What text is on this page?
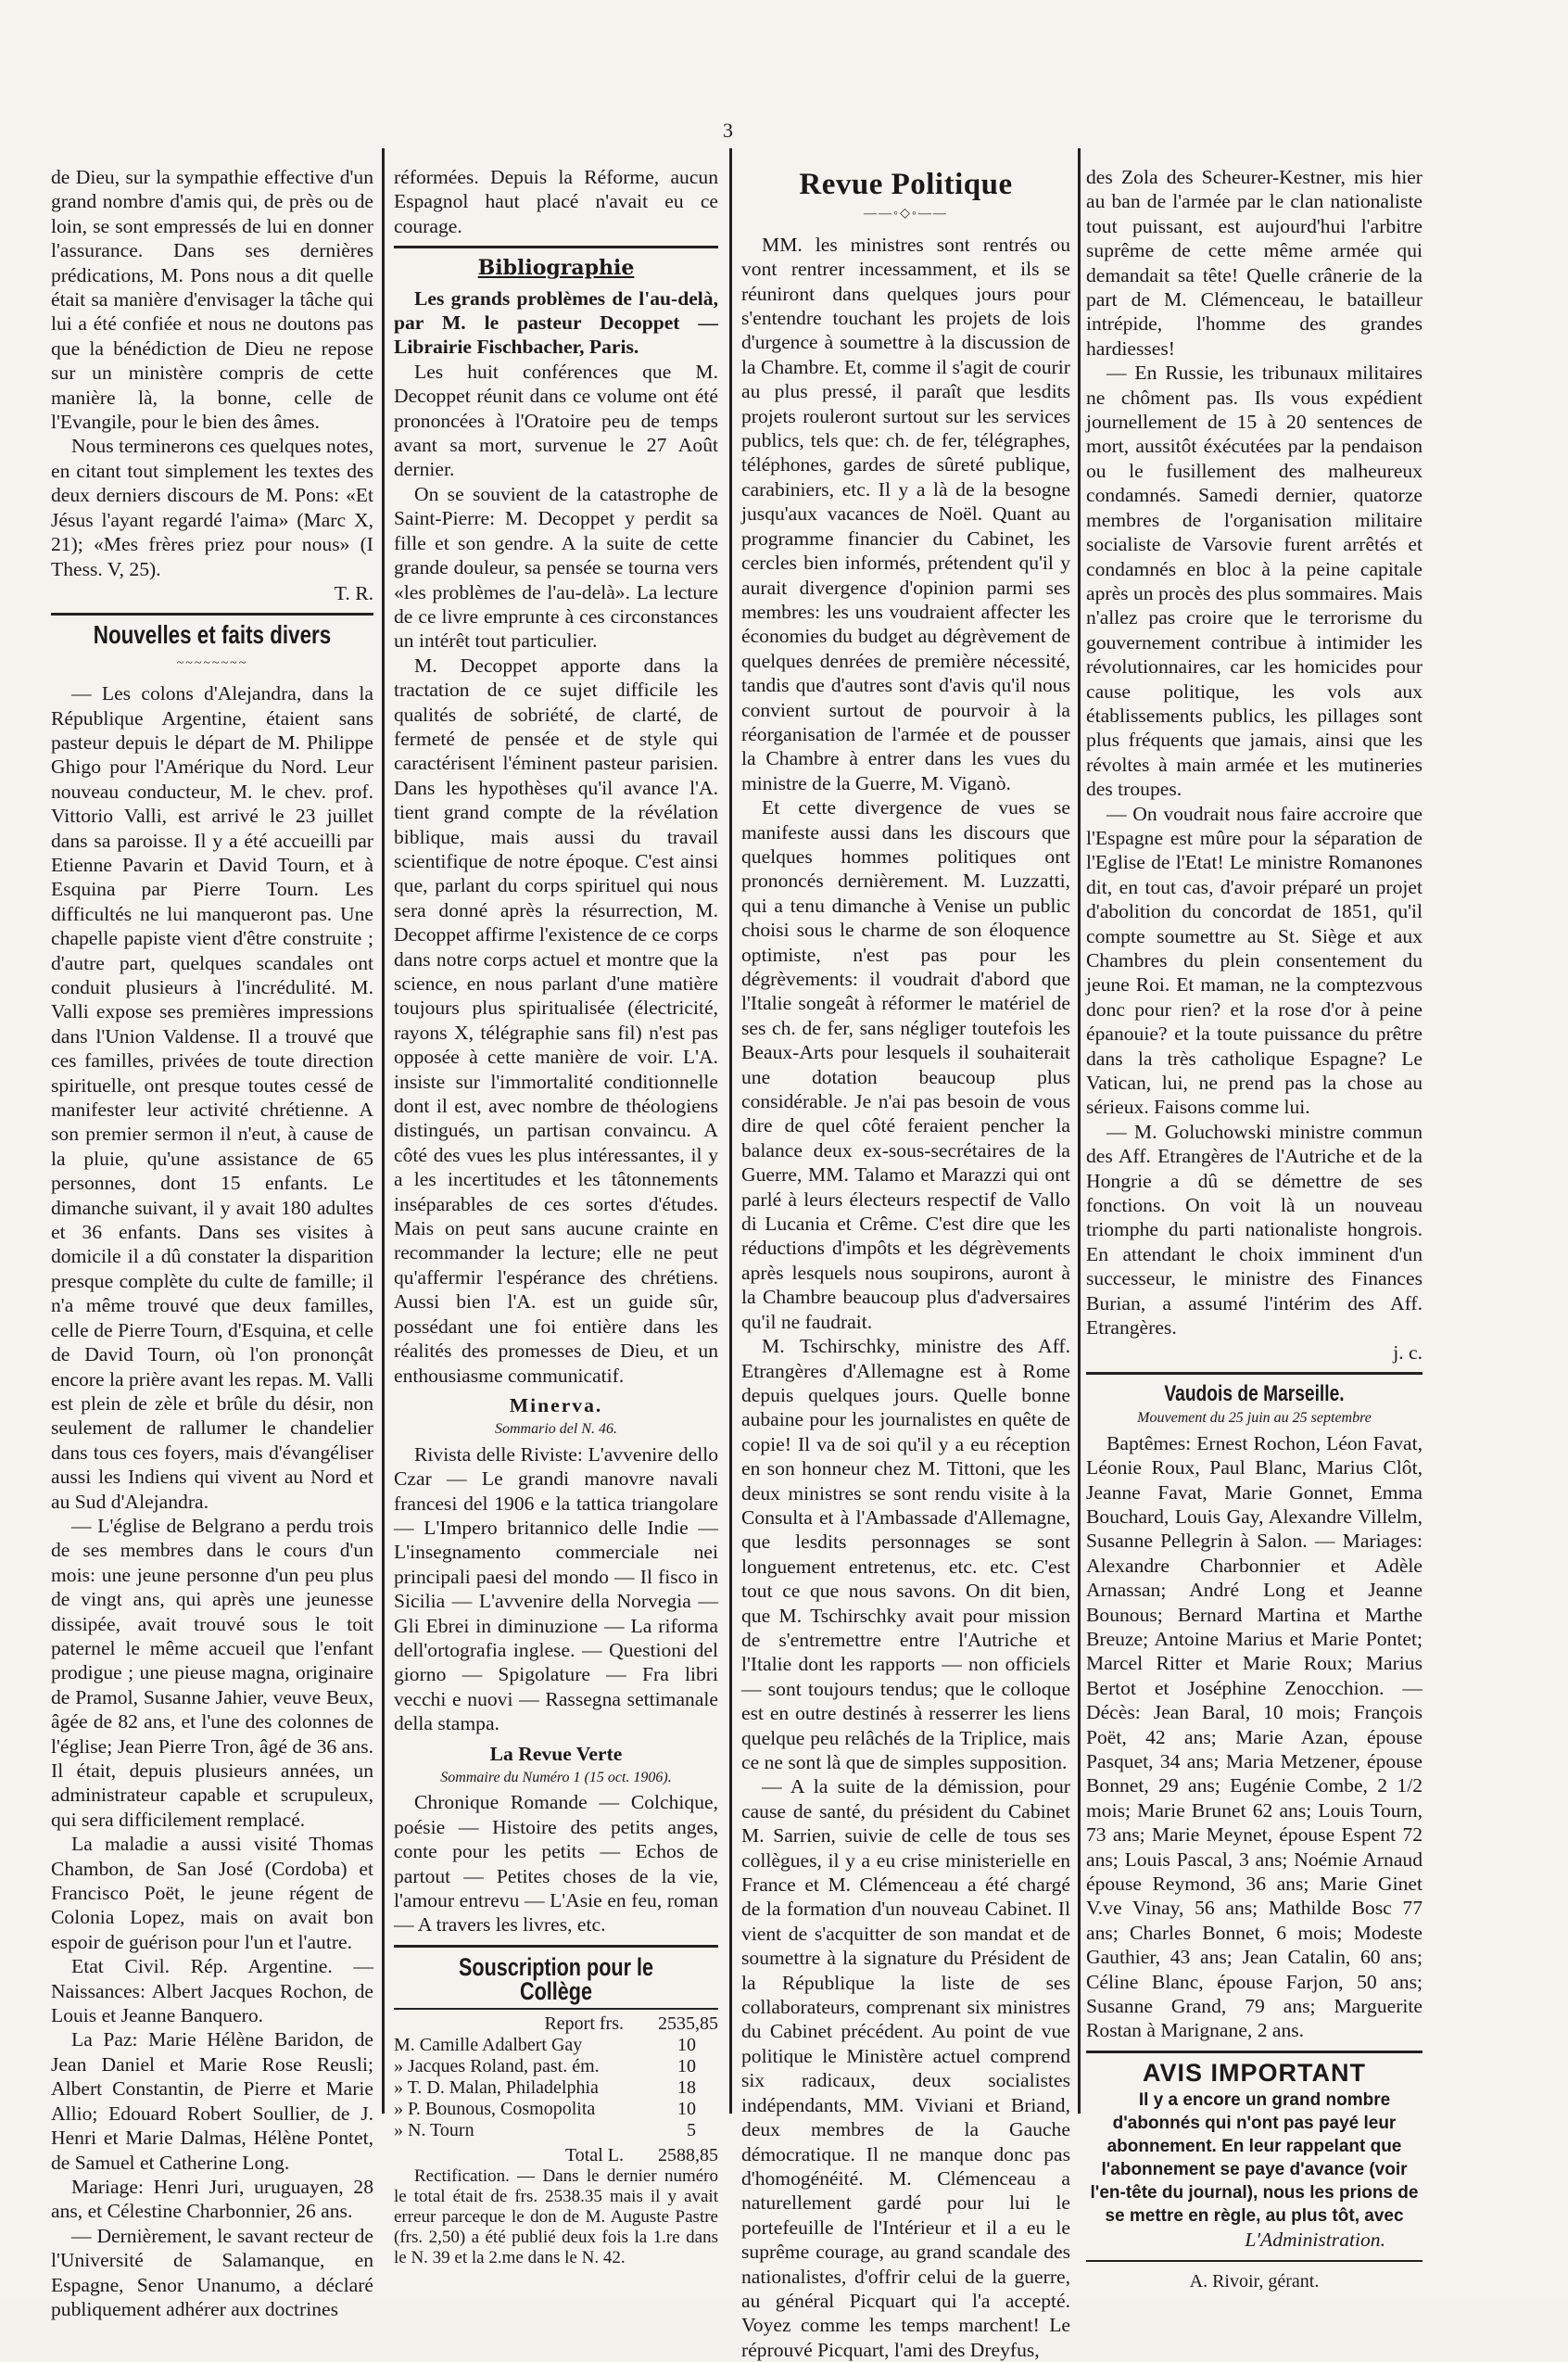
3

de Dieu, sur la sympathie effective d'un grand nombre d'amis qui, de près ou de loin, se sont empressés de lui en donner l'assurance. Dans ses dernières prédications, M. Pons nous a dit quelle était sa manière d'envisager la tâche qui lui a été confiée et nous ne doutons pas que la bénédiction de Dieu ne repose sur un ministère compris de cette manière là, la bonne, celle de l'Evangile, pour le bien des âmes.

Nous terminerons ces quelques notes, en citant tout simplement les textes des deux derniers discours de M. Pons: «Et Jésus l'ayant regardé l'aima» (Marc X, 21); «Mes frères priez pour nous» (I Thess. V, 25).

T. R.

Nouvelles et faits divers
~~~~~~~~

— Les colons d'Alejandra, dans la République Argentine, étaient sans pasteur depuis le départ de M. Philippe Ghigo pour l'Amérique du Nord. Leur nouveau conducteur, M. le chev. prof. Vittorio Valli, est arrivé le 23 juillet dans sa paroisse. Il y a été accueilli par Etienne Pavarin et David Tourn, et à Esquina par Pierre Tourn. Les difficultés ne lui manqueront pas. Une chapelle papiste vient d'être construite ; d'autre part, quelques scandales ont conduit plusieurs à l'incrédulité. M. Valli expose ses premières impressions dans l'Union Valdense. Il a trouvé que ces familles, privées de toute direction spirituelle, ont presque toutes cessé de manifester leur activité chrétienne. A son premier sermon il n'eut, à cause de la pluie, qu'une assistance de 65 personnes, dont 15 enfants. Le dimanche suivant, il y avait 180 adultes et 36 enfants. Dans ses visites à domicile il a dû constater la disparition presque complète du culte de famille; il n'a même trouvé que deux familles, celle de Pierre Tourn, d'Esquina, et celle de David Tourn, où l'on prononçât encore la prière avant les repas. M. Valli est plein de zèle et brûle du désir, non seulement de rallumer le chandelier dans tous ces foyers, mais d'évangéliser aussi les Indiens qui vivent au Nord et au Sud d'Alejandra.

— L'église de Belgrano a perdu trois de ses membres dans le cours d'un mois: une jeune personne d'un peu plus de vingt ans, qui après une jeunesse dissipée, avait trouvé sous le toit paternel le même accueil que l'enfant prodigue ; une pieuse magna, originaire de Pramol, Susanne Jahier, veuve Beux, âgée de 82 ans, et l'une des colonnes de l'église; Jean Pierre Tron, âgé de 36 ans. Il était, depuis plusieurs années, un administrateur capable et scrupuleux, qui sera difficilement remplacé.

La maladie a aussi visité Thomas Chambon, de San José (Cordoba) et Francisco Poët, le jeune régent de Colonia Lopez, mais on avait bon espoir de guérison pour l'un et l'autre.

Etat Civil. Rép. Argentine. — Naissances: Albert Jacques Rochon, de Louis et Jeanne Banquero.

La Paz: Marie Hélène Baridon, de Jean Daniel et Marie Rose Reusli; Albert Constantin, de Pierre et Marie Allio; Edouard Robert Soullier, de J. Henri et Marie Dalmas, Hélène Pontet, de Samuel et Catherine Long.

Mariage: Henri Juri, uruguayen, 28 ans, et Célestine Charbonnier, 26 ans.

— Dernièrement, le savant recteur de l'Université de Salamanque, en Espagne, Senor Unanumo, a déclaré publiquement adhérer aux doctrines

réformées. Depuis la Réforme, aucun Espagnol haut placé n'avait eu ce courage.

Bibliographie

Les grands problèmes de l'au-delà, par M. le pasteur Decoppet — Librairie Fischbacher, Paris.

Les huit conférences que M. Decoppet réunit dans ce volume ont été prononcées à l'Oratoire peu de temps avant sa mort, survenue le 27 Août dernier.

On se souvient de la catastrophe de Saint-Pierre: M. Decoppet y perdit sa fille et son gendre. A la suite de cette grande douleur, sa pensée se tourna vers «les problèmes de l'au-delà». La lecture de ce livre emprunte à ces circonstances un intérêt tout particulier.

M. Decoppet apporte dans la tractation de ce sujet difficile les qualités de sobriété, de clarté, de fermeté de pensée et de style qui caractérisent l'éminent pasteur parisien. Dans les hypothèses qu'il avance l'A. tient grand compte de la révélation biblique, mais aussi du travail scientifique de notre époque. C'est ainsi que, parlant du corps spirituel qui nous sera donné après la résurrection, M. Decoppet affirme l'existence de ce corps dans notre corps actuel et montre que la science, en nous parlant d'une matière toujours plus spiritualisée (électricité, rayons X, télégraphie sans fil) n'est pas opposée à cette manière de voir. L'A. insiste sur l'immortalité conditionnelle dont il est, avec nombre de théologiens distingués, un partisan convaincu. A côté des vues les plus intéressantes, il y a les incertitudes et les tâtonnements inséparables de ces sortes d'études. Mais on peut sans aucune crainte en recommander la lecture; elle ne peut qu'affermir l'espérance des chrétiens. Aussi bien l'A. est un guide sûr, possédant une foi entière dans les réalités des promesses de Dieu, et un enthousiasme communicatif.

Minerva.
Sommario del N. 46.

Rivista delle Riviste: L'avvenire dello Czar — Le grandi manovre navali francesi del 1906 e la tattica triangolare — L'Impero britannico delle Indie — L'insegnamento commerciale nei principali paesi del mondo — Il fisco in Sicilia — L'avvenire della Norvegia — Gli Ebrei in diminuzione — La riforma dell'ortografia inglese. — Questioni del giorno — Spigolature — Fra libri vecchi e nuovi — Rassegna settimanale della stampa.

La Revue Verte
Sommaire du Numéro 1 (15 oct. 1906).

Chronique Romande — Colchique, poésie — Histoire des petits anges, conte pour les petits — Echos de partout — Petites choses de la vie, l'amour entrevu — L'Asie en feu, roman — A travers les livres, etc.

Souscription pour le Collège
Report frs.	2535,85
M. Camille Adalbert Gay	10
» Jacques Roland, past. ém.	10
» T. D. Malan, Philadelphia	18
» P. Bounous, Cosmopolita	10
» N. Tourn	5
Total L.	2588,85

Rectification. — Dans le dernier numéro le total était de frs. 2538.35 mais il y avait erreur parceque le don de M. Auguste Pastre (frs. 2,50) a été publié deux fois la 1.re dans le N. 39 et la 2.me dans le N. 42.

Revue Politique
——◦◇◦——

MM. les ministres sont rentrés ou vont rentrer incessamment, et ils se réuniront dans quelques jours pour s'entendre touchant les projets de lois d'urgence à soumettre à la discussion de la Chambre. Et, comme il s'agit de courir au plus pressé, il paraît que lesdits projets rouleront surtout sur les services publics, tels que: ch. de fer, télégraphes, téléphones, gardes de sûreté publique, carabiniers, etc. Il y a là de la besogne jusqu'aux vacances de Noël. Quant au programme financier du Cabinet, les cercles bien informés, prétendent qu'il y aurait divergence d'opinion parmi ses membres: les uns voudraient affecter les économies du budget au dégrèvement de quelques denrées de première nécessité, tandis que d'autres sont d'avis qu'il nous convient surtout de pourvoir à la réorganisation de l'armée et de pousser la Chambre à entrer dans les vues du ministre de la Guerre, M. Viganò.

Et cette divergence de vues se manifeste aussi dans les discours que quelques hommes politiques ont prononcés dernièrement. M. Luzzatti, qui a tenu dimanche à Venise un public choisi sous le charme de son éloquence optimiste, n'est pas pour les dégrèvements: il voudrait d'abord que l'Italie songeât à réformer le matériel de ses ch. de fer, sans négliger toutefois les Beaux-Arts pour lesquels il souhaiterait une dotation beaucoup plus considérable. Je n'ai pas besoin de vous dire de quel côté feraient pencher la balance deux ex-sous-secrétaires de la Guerre, MM. Talamo et Marazzi qui ont parlé à leurs électeurs respectif de Vallo di Lucania et Crême. C'est dire que les réductions d'impôts et les dégrèvements après lesquels nous soupirons, auront à la Chambre beaucoup plus d'adversaires qu'il ne faudrait.

M. Tschirschky, ministre des Aff. Etrangères d'Allemagne est à Rome depuis quelques jours. Quelle bonne aubaine pour les journalistes en quête de copie! Il va de soi qu'il y a eu réception en son honneur chez M. Tittoni, que les deux ministres se sont rendu visite à la Consulta et à l'Ambassade d'Allemagne, que lesdits personnages se sont longuement entretenus, etc. etc. C'est tout ce que nous savons. On dit bien, que M. Tschirschky avait pour mission de s'entremettre entre l'Autriche et l'Italie dont les rapports — non officiels — sont toujours tendus; que le colloque est en outre destinés à resserrer les liens quelque peu relâchés de la Triplice, mais ce ne sont là que de simples supposition.

— A la suite de la démission, pour cause de santé, du président du Cabinet M. Sarrien, suivie de celle de tous ses collègues, il y a eu crise ministerielle en France et M. Clémenceau a été chargé de la formation d'un nouveau Cabinet. Il vient de s'acquitter de son mandat et de soumettre à la signature du Président de la République la liste de ses collaborateurs, comprenant six ministres du Cabinet précédent. Au point de vue politique le Ministère actuel comprend six radicaux, deux socialistes indépendants, MM. Viviani et Briand, deux membres de la Gauche démocratique. Il ne manque donc pas d'homogénéité. M. Clémenceau a naturellement gardé pour lui le portefeuille de l'Intérieur et il a eu le suprême courage, au grand scandale des nationalistes, d'offrir celui de la guerre, au général Picquart qui l'a accepté. Voyez comme les temps marchent! Le réprouvé Picquart, l'ami des Dreyfus,

des Zola des Scheurer-Kestner, mis hier au ban de l'armée par le clan nationaliste tout puissant, est aujourd'hui l'arbitre suprême de cette même armée qui demandait sa tête! Quelle crânerie de la part de M. Clémenceau, le batailleur intrépide, l'homme des grandes hardiesses!

— En Russie, les tribunaux militaires ne chôment pas. Ils vous expédient journellement de 15 à 20 sentences de mort, aussitôt éxécutées par la pendaison ou le fusillement des malheureux condamnés. Samedi dernier, quatorze membres de l'organisation militaire socialiste de Varsovie furent arrêtés et condamnés en bloc à la peine capitale après un procès des plus sommaires. Mais n'allez pas croire que le terrorisme du gouvernement contribue à intimider les révolutionnaires, car les homicides pour cause politique, les vols aux établissements publics, les pillages sont plus fréquents que jamais, ainsi que les révoltes à main armée et les mutineries des troupes.

— On voudrait nous faire accroire que l'Espagne est mûre pour la séparation de l'Eglise de l'Etat! Le ministre Romanones dit, en tout cas, d'avoir préparé un projet d'abolition du concordat de 1851, qu'il compte soumettre au St. Siège et aux Chambres du plein consentement du jeune Roi. Et maman, ne la comptezvous donc pour rien? et la rose d'or à peine épanouie? et la toute puissance du prêtre dans la très catholique Espagne? Le Vatican, lui, ne prend pas la chose au sérieux. Faisons comme lui.

— M. Goluchowski ministre commun des Aff. Etrangères de l'Autriche et de la Hongrie a dû se démettre de ses fonctions. On voit là un nouveau triomphe du parti nationaliste hongrois. En attendant le choix imminent d'un successeur, le ministre des Finances Burian, a assumé l'intérim des Aff. Etrangères.

j. c.

Vaudois de Marseille.
Mouvement du 25 juin au 25 septembre

Baptêmes: Ernest Rochon, Léon Favat, Léonie Roux, Paul Blanc, Marius Clôt, Jeanne Favat, Marie Gonnet, Emma Bouchard, Louis Gay, Alexandre Villelm, Susanne Pellegrin à Salon. — Mariages: Alexandre Charbonnier et Adèle Arnassan; André Long et Jeanne Bounous; Bernard Martina et Marthe Breuze; Antoine Marius et Marie Pontet; Marcel Ritter et Marie Roux; Marius Bertot et Joséphine Zenocchion. — Décès: Jean Baral, 10 mois; François Poët, 42 ans; Marie Azan, épouse Pasquet, 34 ans; Maria Metzener, épouse Bonnet, 29 ans; Eugénie Combe, 2 1/2 mois; Marie Brunet 62 ans; Louis Tourn, 73 ans; Marie Meynet, épouse Espent 72 ans; Louis Pascal, 3 ans; Noémie Arnaud épouse Reymond, 36 ans; Marie Ginet V.ve Vinay, 56 ans; Mathilde Bosc 77 ans; Charles Bonnet, 6 mois; Modeste Gauthier, 43 ans; Jean Catalin, 60 ans; Céline Blanc, épouse Farjon, 50 ans; Susanne Grand, 79 ans; Marguerite Rostan à Marignane, 2 ans.

AVIS IMPORTANT

Il y a encore un grand nombre d'abonnés qui n'ont pas payé leur abonnement. En leur rappelant que l'abonnement se paye d'avance (voir l'en-tête du journal), nous les prions de se mettre en règle, au plus tôt, avec

L'Administration.

A. Rivoir, gérant.
